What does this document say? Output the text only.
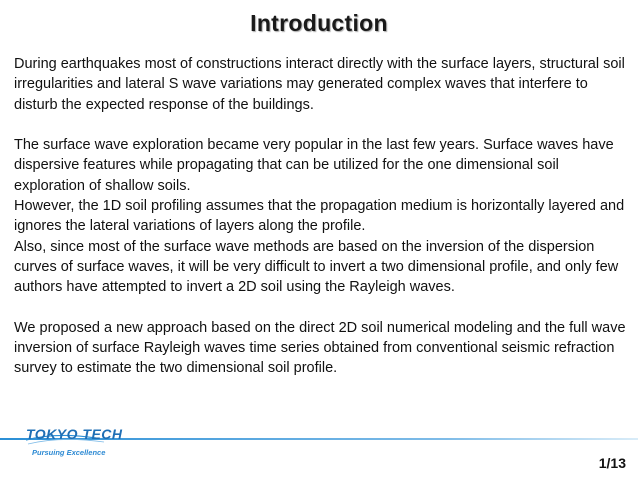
Introduction

During earthquakes most of constructions interact directly with the surface layers, structural soil irregularities and lateral S wave variations may generated complex waves that interfere to disturb the expected response of the buildings.

The surface wave exploration became very popular in the last few years. Surface waves have dispersive features while propagating that can be utilized for the one dimensional soil exploration of shallow soils.

However, the 1D soil profiling assumes that the propagation medium is horizontally layered and ignores the lateral variations of layers along the profile.

Also, since most of the surface wave methods are based on the inversion of the dispersion curves of surface waves, it will be very difficult to invert a two dimensional profile, and only few authors have attempted to invert a 2D soil using the Rayleigh waves.

We proposed a new approach based on the direct 2D soil numerical modeling and the full wave inversion of surface Rayleigh waves time series obtained from conventional seismic refraction survey to estimate the two dimensional soil profile.

TOKYO TECH
Pursuing Excellence
1/13
